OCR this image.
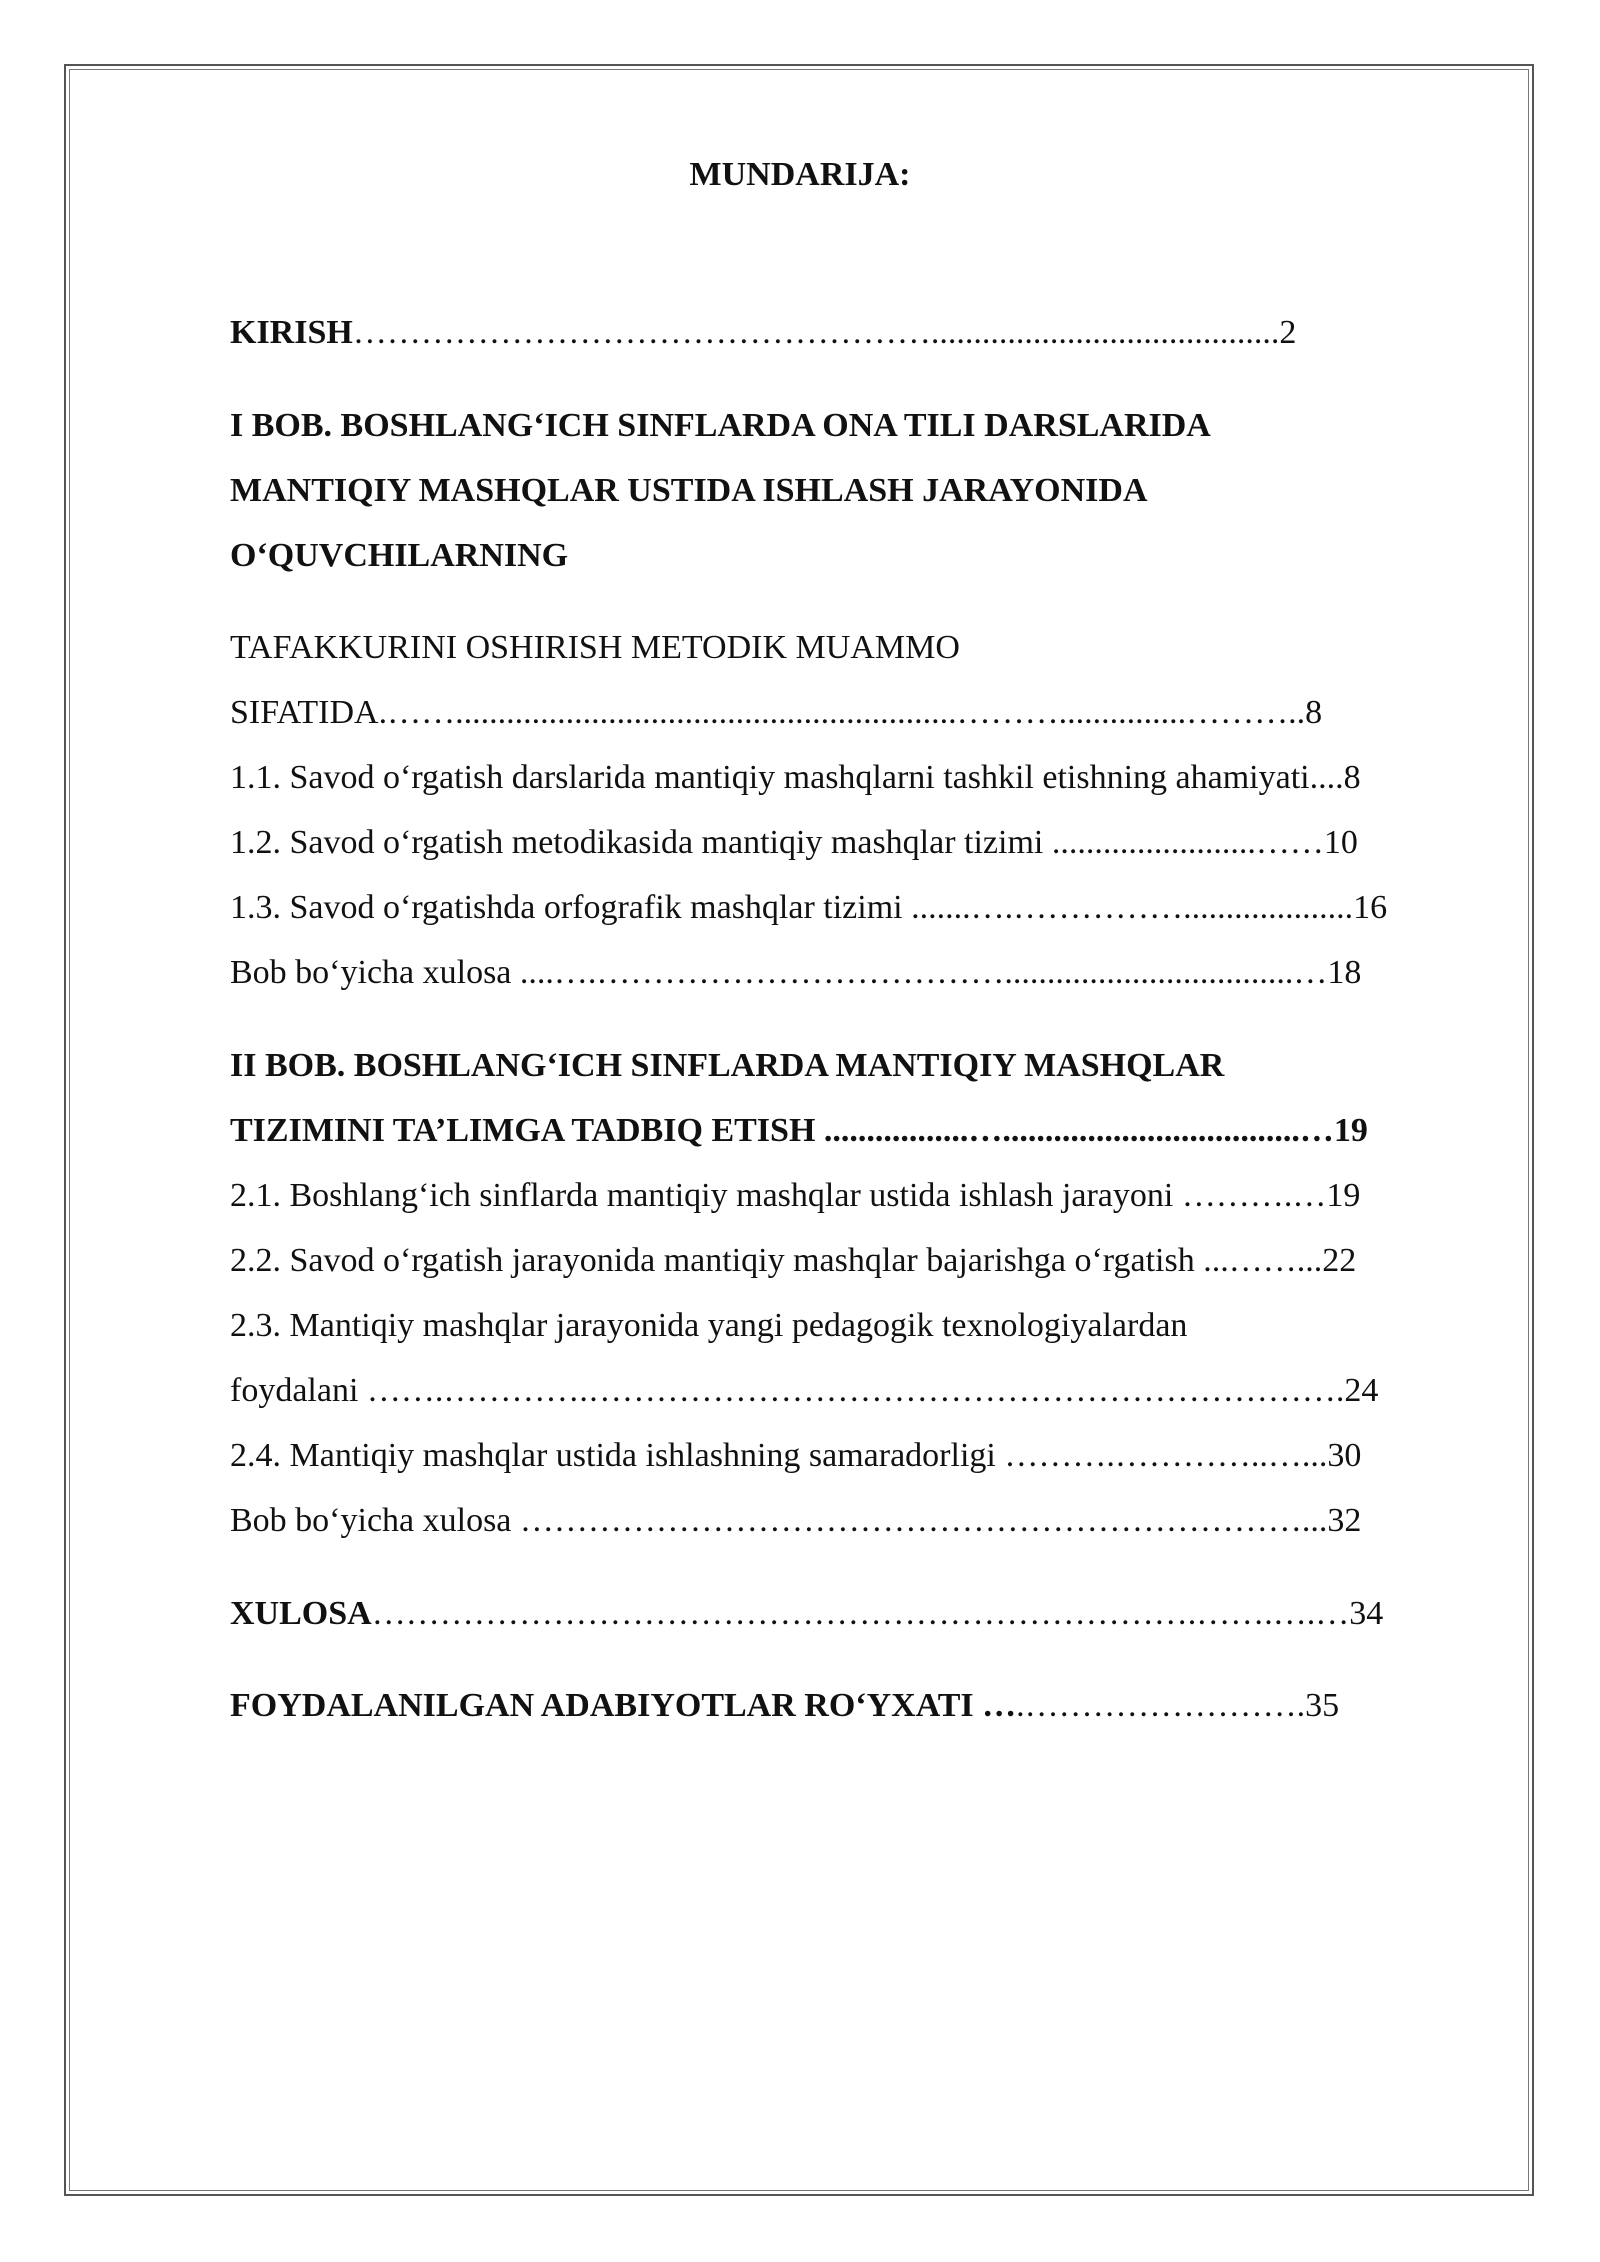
MUNDARIJA:
KIRISH…………………………………………….........................................2
I BOB. BOSHLANG‘ICH SINFLARDA ONA TILI DARSLARIDA
MANTIQIY MASHQLAR USTIDA ISHLASH JARAYONIDA
O‘QUVCHILARNING
TAFAKKURINI OSHIRISH METODIK MUAMMO
SIFATIDA.……...........................................................………...............………..8
1.1. Savod o‘rgatish darslarida mantiqiy mashqlarni tashkil etishning ahamiyati....8
1.2. Savod o‘rgatish metodikasida mantiqiy mashqlar tizimi ........................……10
1.3. Savod o‘rgatishda orfografik mashqlar tizimi .......….……………....................16
Bob bo‘yicha xulosa ....….………………………………..................................…18
II BOB. BOSHLANG‘ICH SINFLARDA MANTIQIY MASHQLAR
TIZIMINI TA’LIMGA TADBIQ ETISH .................…...................................…19
2.1. Boshlang‘ich sinflarda mantiqiy mashqlar ustida ishlash jarayoni ……….…19
2.2. Savod o‘rgatish jarayonida mantiqiy mashqlar bajarishga o‘rgatish ...……...22
2.3. Mantiqiy mashqlar jarayonida yangi pedagogik texnologiyalardan
foydalani …….………….………………………………………………………….24
2.4. Mantiqiy mashqlar ustida ishlashning samaradorligi ……….…………..…...30
Bob bo‘yicha xulosa ……………………………………………………………...32
XULOSA……………………………………………………………….…….….…34
FOYDALANILGAN ADABIYOTLAR RO‘YXATI ….…………………….35
